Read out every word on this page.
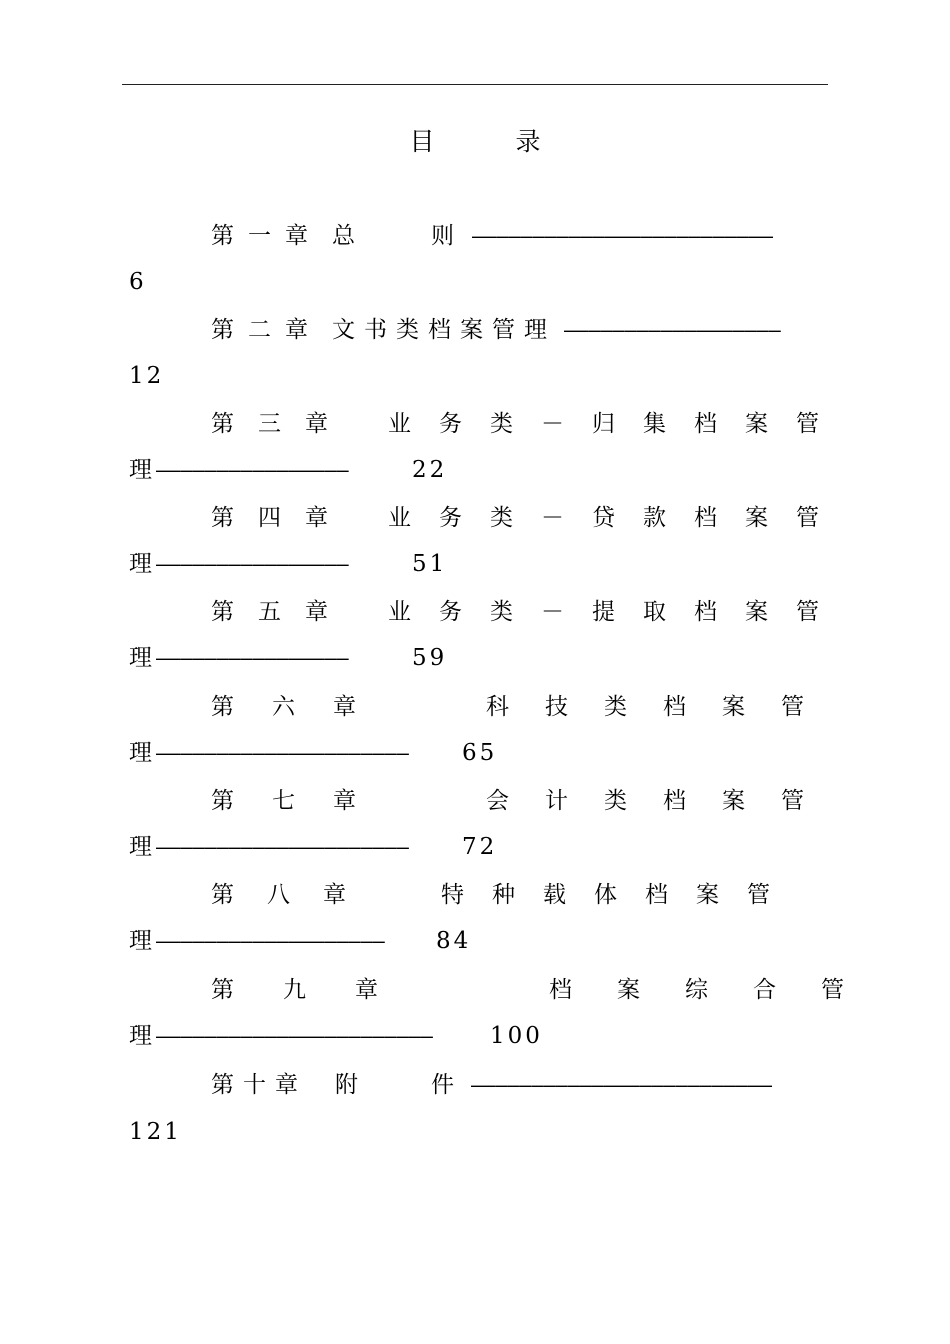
目　录
第一章 总　　则 —————————————————————————
6
第二章 文书类档案管理 ——————————————————
12
第三章 业务类－归集档案管
理 ————————————————	22
第四章 业务类－贷款档案管
理 ————————————————	51
第五章 业务类－提取档案管
理 ————————————————	59
第六章	科技类档案管
理 —————————————————————	65
第七章	会计类档案管
理 —————————————————————	72
第八章	特种载体档案管
理 ———————————————————	84
第九章	档案综合管
理 ———————————————————————	100
第十章 附　　件 —————————————————————————
121
